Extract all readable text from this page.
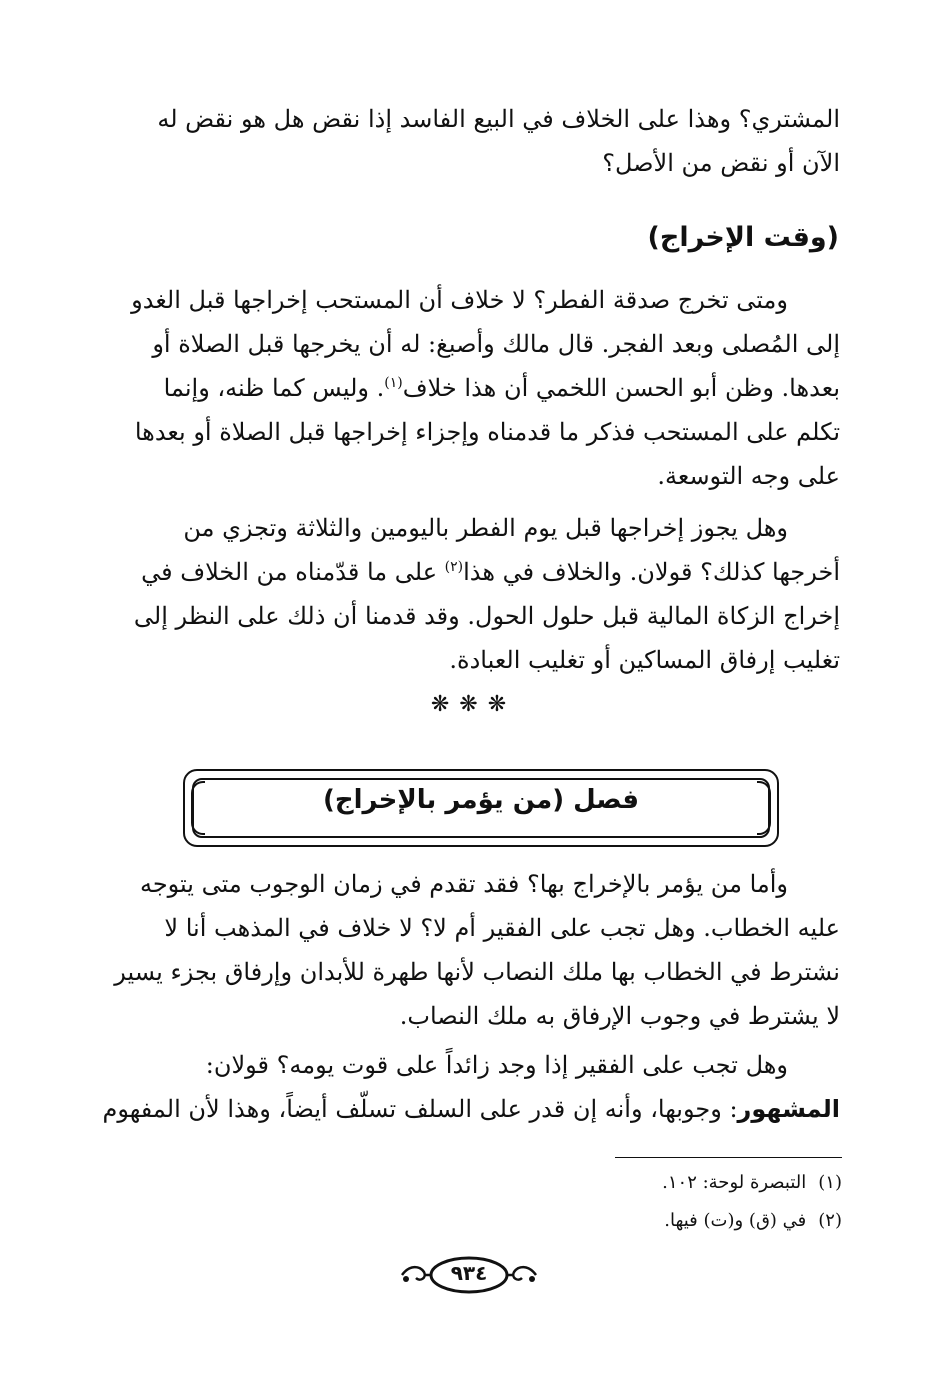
المشتري؟ وهذا على الخلاف في البيع الفاسد إذا نقض هل هو نقض له
الآن أو نقض من الأصل؟
(وقت الإخراج)
ومتى تخرج صدقة الفطر؟ لا خلاف أن المستحب إخراجها قبل الغدو
إلى المُصلى وبعد الفجر. قال مالك وأصبغ: له أن يخرجها قبل الصلاة أو
بعدها. وظن أبو الحسن اللخمي أن هذا خلاف$^{(١)}$. وليس كما ظنه، وإنما
تكلم على المستحب فذكر ما قدمناه وإجزاء إخراجها قبل الصلاة أو بعدها
على وجه التوسعة.
وهل يجوز إخراجها قبل يوم الفطر باليومين والثلاثة وتجزي من
أخرجها كذلك؟ قولان. والخلاف في هذا$^{(٢)}$ على ما قدّمناه من الخلاف في
إخراج الزكاة المالية قبل حلول الحول. وقد قدمنا أن ذلك على النظر إلى
تغليب إرفاق المساكين أو تغليب العبادة.
❋❋❋
فصل (من يؤمر بالإخراج)
وأما من يؤمر بالإخراج بها؟ فقد تقدم في زمان الوجوب متى يتوجه
عليه الخطاب. وهل تجب على الفقير أم لا؟ لا خلاف في المذهب أنا لا
نشترط في الخطاب بها ملك النصاب لأنها طهرة للأبدان وإرفاق بجزء يسير
لا يشترط في وجوب الإرفاق به ملك النصاب.
وهل تجب على الفقير إذا وجد زائداً على قوت يومه؟ قولان:
المشهور: وجوبها، وأنه إن قدر على السلف تسلّف أيضاً، وهذا لأن المفهوم
(١)التبصرة لوحة: ١٠٢.
(٢)في (ق) و(ت) فيها.
٩٣٤
